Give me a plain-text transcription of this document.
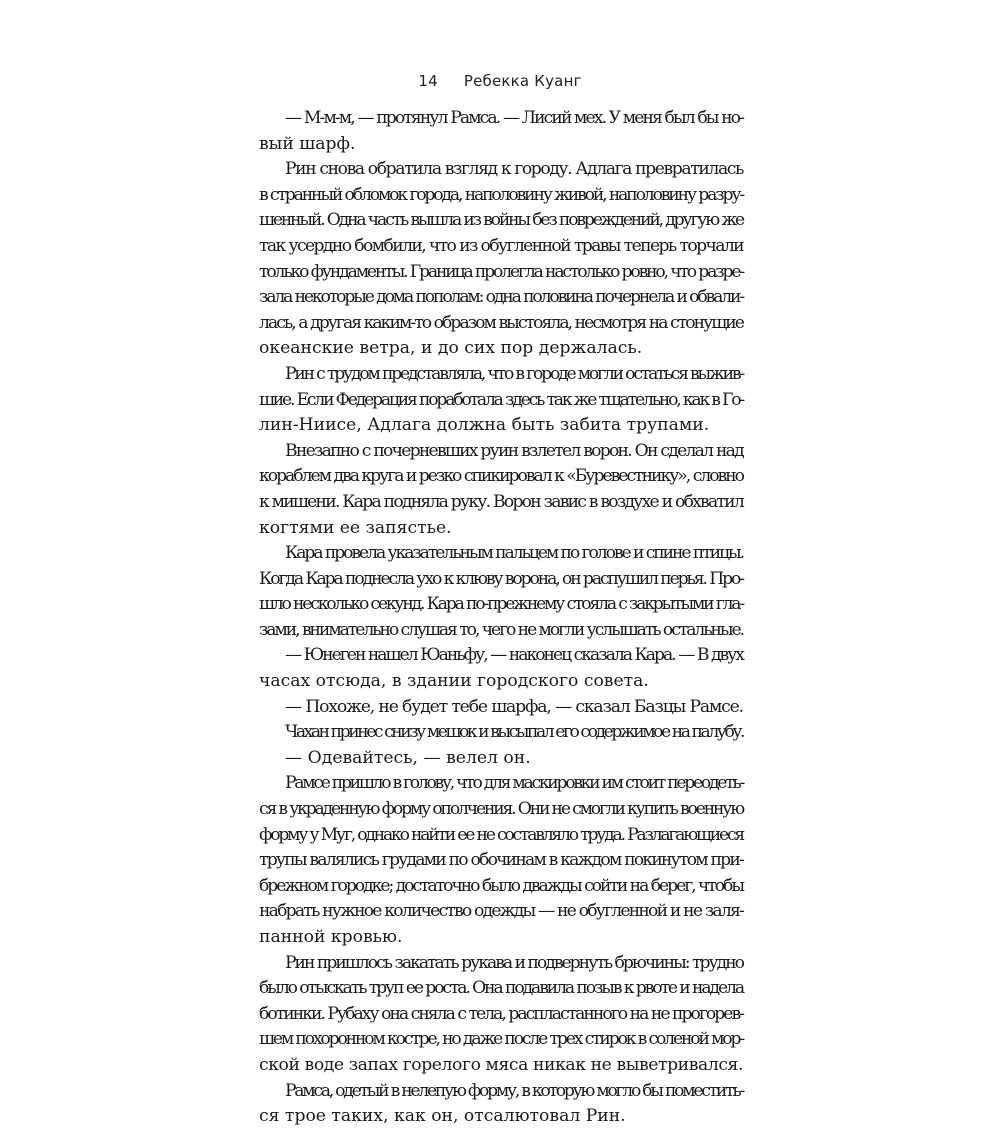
14 Ребекка Куанг
— М-м-м, — протянул Рамса. — Лисий мех. У меня был бы но-
вый шарф.
Рин снова обратила взгляд к городу. Адлага превратилась
в странный обломок города, наполовину живой, наполовину разру-
шенный. Одна часть вышла из войны без повреждений, другую же
так усердно бомбили, что из обугленной травы теперь торчали
только фундаменты. Граница пролегла настолько ровно, что разре-
зала некоторые дома пополам: одна половина почернела и обвали-
лась, а другая каким-то образом выстояла, несмотря на стонущие
океанские ветра, и до сих пор держалась.
Рин с трудом представляла, что в городе могли остаться выжив-
шие. Если Федерация поработала здесь так же тщательно, как в Го-
лин-Ниисе, Адлага должна быть забита трупами.
Внезапно с почерневших руин взлетел ворон. Он сделал над
кораблем два круга и резко спикировал к «Буревестнику», словно
к мишени. Кара подняла руку. Ворон завис в воздухе и обхватил
когтями ее запястье.
Кара провела указательным пальцем по голове и спине птицы.
Когда Кара поднесла ухо к клюву ворона, он распушил перья. Про-
шло несколько секунд. Кара по-прежнему стояла с закрытыми гла-
зами, внимательно слушая то, чего не могли услышать остальные.
— Юнеген нашел Юаньфу, — наконец сказала Кара. — В двух
часах отсюда, в здании городского совета.
— Похоже, не будет тебе шарфа, — сказал Базцы Рамсе.
Чахан принес снизу мешок и высыпал его содержимое на палубу.
— Одевайтесь, — велел он.
Рамсе пришло в голову, что для маскировки им стоит переодеть-
ся в украденную форму ополчения. Они не смогли купить военную
форму у Муг, однако найти ее не составляло труда. Разлагающиеся
трупы валялись грудами по обочинам в каждом покинутом при-
брежном городке; достаточно было дважды сойти на берег, чтобы
набрать нужное количество одежды — не обугленной и не заля-
панной кровью.
Рин пришлось закатать рукава и подвернуть брючины: трудно
было отыскать труп ее роста. Она подавила позыв к рвоте и надела
ботинки. Рубаху она сняла с тела, распластанного на не прогорев-
шем похоронном костре, но даже после трех стирок в соленой мор-
ской воде запах горелого мяса никак не выветривался.
Рамса, одетый в нелепую форму, в которую могло бы поместить-
ся трое таких, как он, отсалютовал Рин.
